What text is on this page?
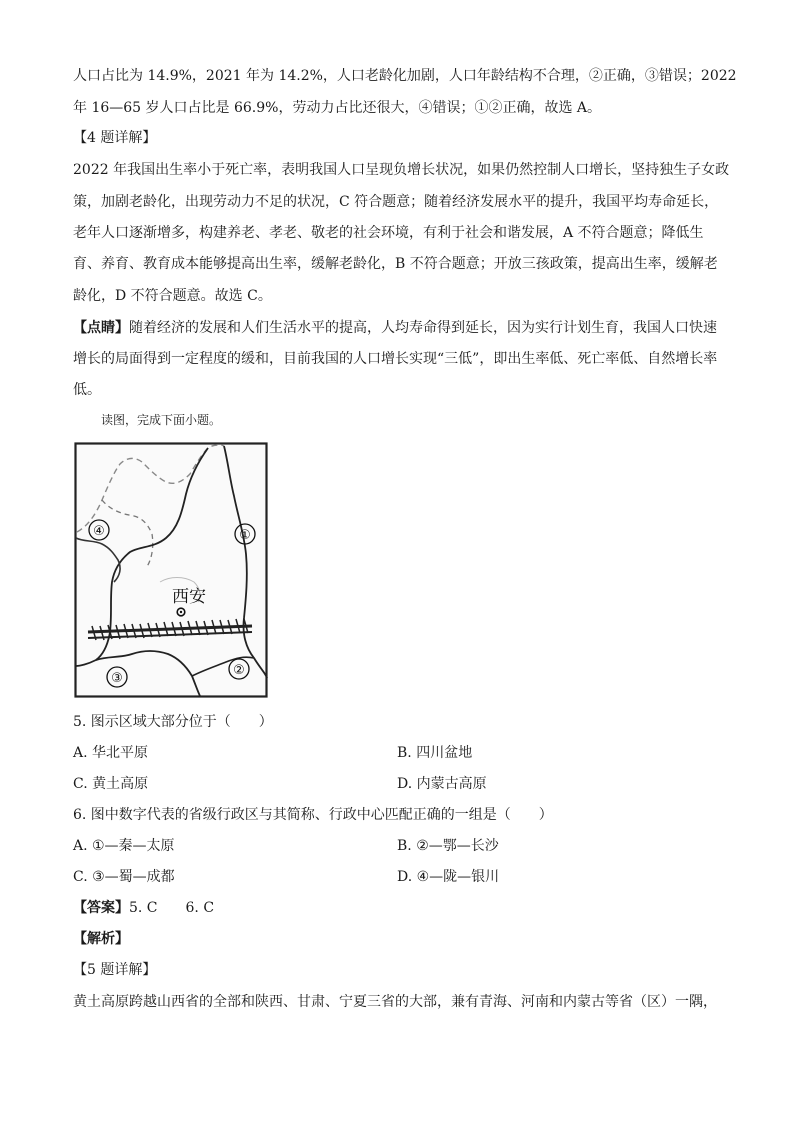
人口占比为 14.9%，2021 年为 14.2%，人口老龄化加剧，人口年龄结构不合理，②正确，③错误；2022
年 16—65 岁人口占比是 66.9%，劳动力占比还很大，④错误；①②正确，故选 A。
【4 题详解】
2022 年我国出生率小于死亡率，表明我国人口呈现负增长状况，如果仍然控制人口增长，坚持独生子女政
策，加剧老龄化，出现劳动力不足的状况，C 符合题意；随着经济发展水平的提升，我国平均寿命延长，
老年人口逐渐增多，构建养老、孝老、敬老的社会环境，有利于社会和谐发展，A 不符合题意；降低生
育、养育、教育成本能够提高出生率，缓解老龄化，B 不符合题意；开放三孩政策，提高出生率，缓解老
龄化，D 不符合题意。故选 C。
【点睛】随着经济的发展和人们生活水平的提高，人均寿命得到延长，因为实行计划生育，我国人口快速
增长的局面得到一定程度的缓和，目前我国的人口增长实现“三低”，即出生率低、死亡率低、自然增长率
低。
读图，完成下面小题。
西安
①
②
③
④
5. 图示区域大部分位于（　　）
A. 华北平原	B. 四川盆地
C. 黄土高原	D. 内蒙古高原
6. 图中数字代表的省级行政区与其简称、行政中心匹配正确的一组是（　　）
A. ①—秦—太原	B. ②—鄂—长沙
C. ③—蜀—成都	D. ④—陇—银川
【答案】5. C　　6. C
【解析】
【5 题详解】
黄土高原跨越山西省的全部和陕西、甘肃、宁夏三省的大部，兼有青海、河南和内蒙古等省（区）一隅，
